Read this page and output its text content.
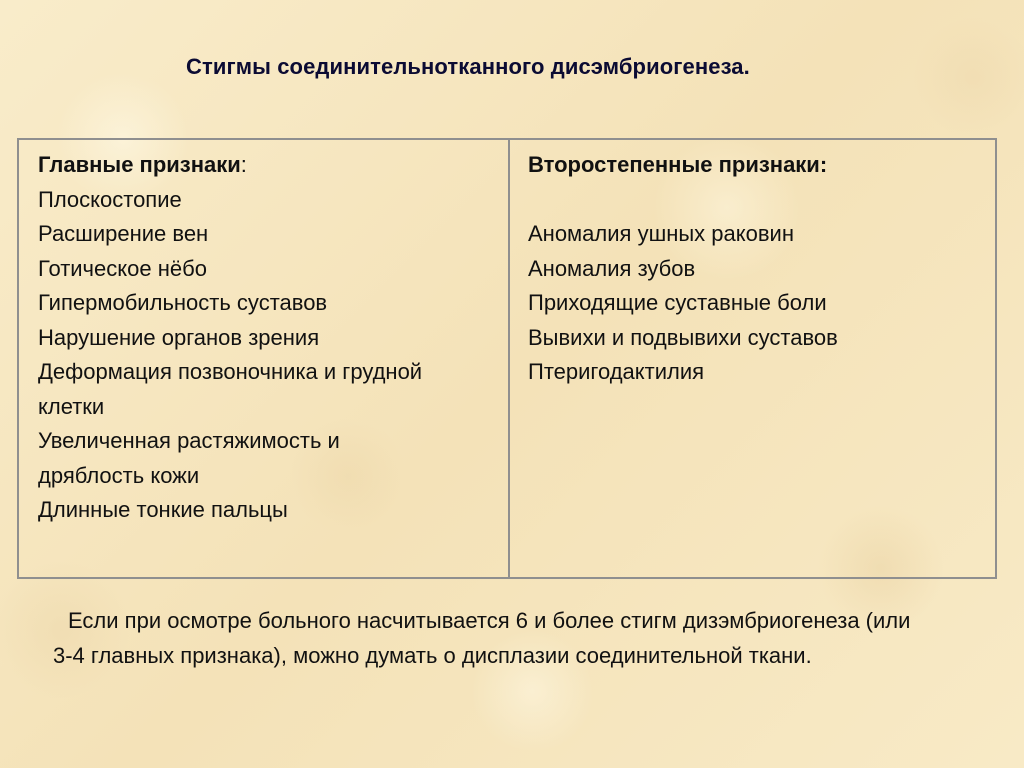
Стигмы соединительнотканного дисэмбриогенеза.
Главные признаки:
Плоскостопие
Расширение вен
Готическое нёбо
Гипермобильность суставов
Нарушение органов зрения
Деформация позвоночника и грудной клетки
Увеличенная растяжимость и дряблость кожи
Длинные тонкие пальцы
Второстепенные признаки:
Аномалия ушных раковин
Аномалия зубов
Приходящие суставные боли
Вывихи и подвывихи суставов
Птеригодактилия
Если при осмотре больного насчитывается 6 и более стигм дизэмбриогенеза (или 3-4 главных признака), можно думать о дисплазии соединительной ткани.
